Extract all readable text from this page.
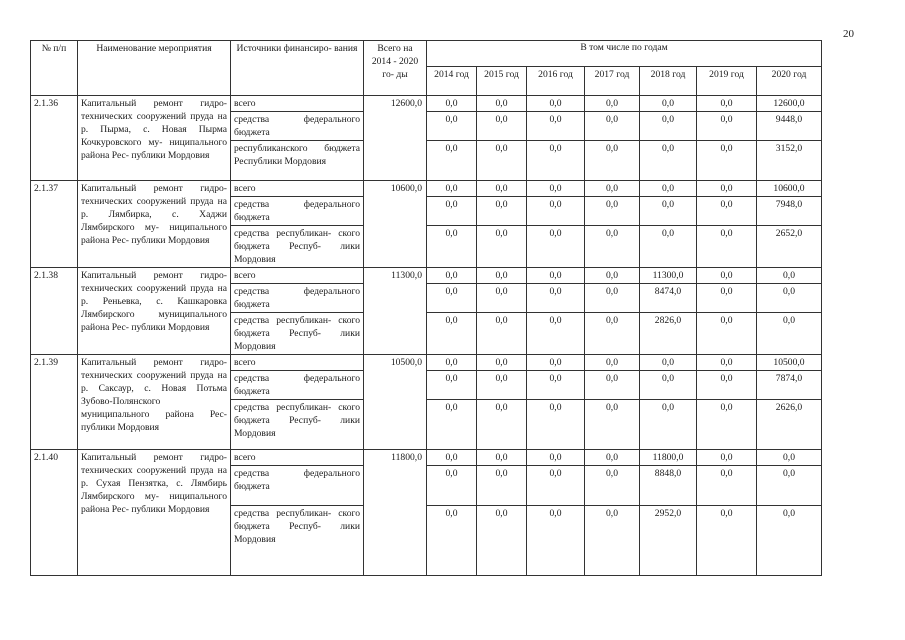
20
№ п/п	Наименование мероприятия	Источники финансиро- вания	Всего на 2014 - 2020 го- ды	В том числе по годам						
				2014 год	2015 год	2016 год	2017 год	2018 год	2019 год	2020 год
2.1.36	Капитальный ремонт гидро- технических сооружений пруда на р. Пырма, с. Новая Пырма Кочкуровского му- ниципального района Рес- публики Мордовия	всего	12600,0	0,0	0,0	0,0	0,0	0,0	0,0	12600,0
		средства федерального бюджета		0,0	0,0	0,0	0,0	0,0	0,0	9448,0
		республиканского бюджета Республики Мордовия		0,0	0,0	0,0	0,0	0,0	0,0	3152,0
2.1.37	Капитальный ремонт гидро- технических сооружений пруда на р. Лямбирка, с. Хаджи Лямбирского му- ниципального района Рес- публики Мордовия	всего	10600,0	0,0	0,0	0,0	0,0	0,0	0,0	10600,0
		средства федерального бюджета		0,0	0,0	0,0	0,0	0,0	0,0	7948,0
		средства республикан- ского бюджета Респуб- лики Мордовия		0,0	0,0	0,0	0,0	0,0	0,0	2652,0
2.1.38	Капитальный ремонт гидро- технических сооружений пруда на р. Реньевка, с. Кашкаровка Лямбирского муниципального района Рес- публики Мордовия	всего	11300,0	0,0	0,0	0,0	0,0	11300,0	0,0	0,0
		средства федерального бюджета		0,0	0,0	0,0	0,0	8474,0	0,0	0,0
		средства республикан- ского бюджета Респуб- лики Мордовия		0,0	0,0	0,0	0,0	2826,0	0,0	0,0
2.1.39	Капитальный ремонт гидро- технических сооружений пруда на р. Саксаур, с. Новая Потьма Зубово-Полянского муниципального района Рес- публики Мордовия	всего	10500,0	0,0	0,0	0,0	0,0	0,0	0,0	10500,0
		средства федерального бюджета		0,0	0,0	0,0	0,0	0,0	0,0	7874,0
		средства республикан- ского бюджета Респуб- лики Мордовия		0,0	0,0	0,0	0,0	0,0	0,0	2626,0
2.1.40	Капитальный ремонт гидро- технических сооружений пруда на р. Сухая Пензятка, с. Лямбирь Лямбирского му- ниципального района Рес- публики Мордовия	всего	11800,0	0,0	0,0	0,0	0,0	11800,0	0,0	0,0
		средства федерального бюджета		0,0	0,0	0,0	0,0	8848,0	0,0	0,0
		средства республикан- ского бюджета Респуб- лики Мордовия		0,0	0,0	0,0	0,0	2952,0	0,0	0,0
